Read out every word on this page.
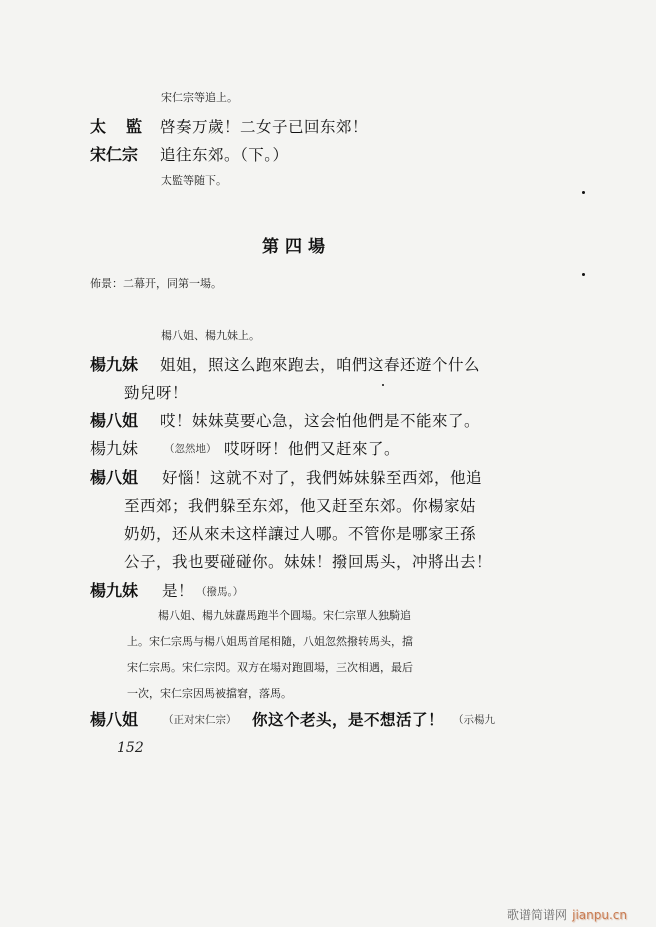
宋仁宗等追上。
太　監 啓奏万歲！二女子已回东郊！
宋仁宗 追往东郊。（下。）
太監等随下。
第四場
佈景：二幕开，同第一場。
楊八姐、楊九妹上。
楊九妹 姐姐，照这么跑來跑去，咱們这春还遊个什么
勁兒呀！
楊八姐 哎！妹妹莫要心急，这会怕他們是不能來了。
楊九妹 （忽然地） 哎呀呀！他們又赶來了。
楊八姐 好惱！这就不对了，我們姊妹躲至西郊，他追
至西郊；我們躲至东郊，他又赶至东郊。你楊家姑
奶奶，还从來未这样讓过人哪。不管你是哪家王孫
公子，我也要碰碰你。妹妹！撥回馬头，冲將出去！
楊九妹 是！ （撥馬。）
楊八姐、楊九妹纛馬跑半个圓場。宋仁宗單人独騎追
上。宋仁宗馬与楊八姐馬首尾相隨，八姐忽然撥转馬头，擋
宋仁宗馬。宋仁宗閃。双方在場对跑圓場，三次相遇，最后
一次，宋仁宗因馬被擋窘，落馬。
楊八姐 （正对宋仁宗） 你这个老头，是不想活了！ （示楊九
152
歌谱简谱网 jianpu.cn
